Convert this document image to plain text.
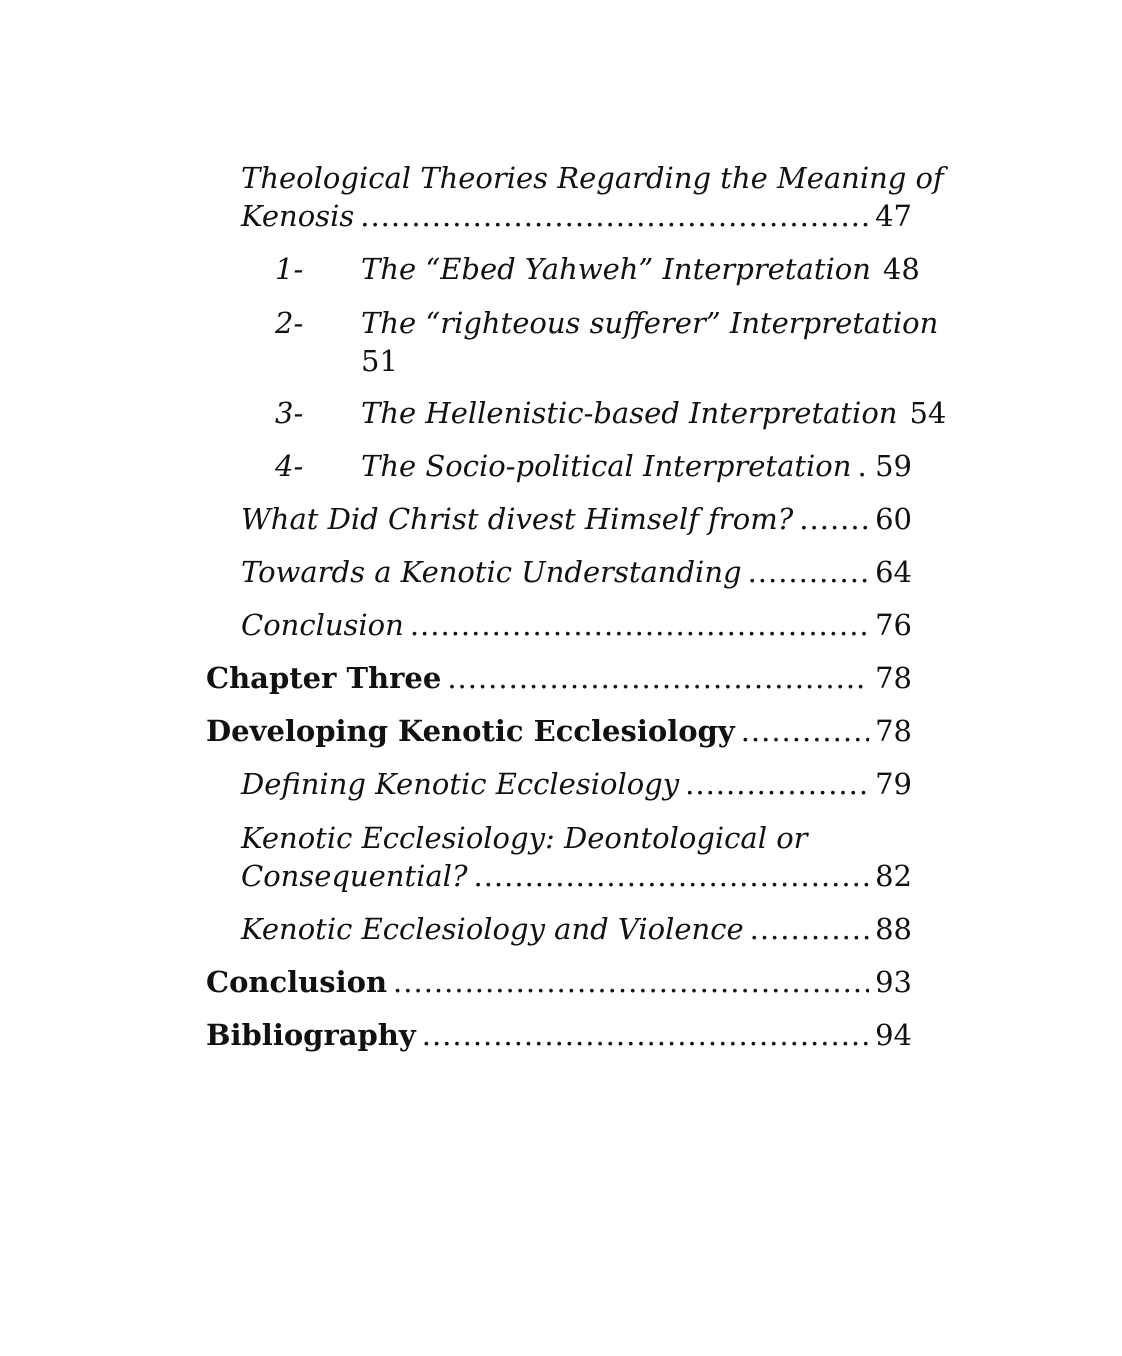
Theological Theories Regarding the Meaning of
Kenosis .....	47
1- The “Ebed Yahweh” Interpretation 48
2- The “righteous sufferer” Interpretation
51
3- The Hellenistic-based Interpretation 54
4- The Socio-political Interpretation ..... 59
What Did Christ divest Himself from? .....	60
Towards a Kenotic Understanding .....	64
Conclusion .....	76
Chapter Three .....	78
Developing Kenotic Ecclesiology .....	78
Defining Kenotic Ecclesiology .....	79
Kenotic Ecclesiology: Deontological or
Consequential? .....	82
Kenotic Ecclesiology and Violence .....	88
Conclusion .....	93
Bibliography .....	94
